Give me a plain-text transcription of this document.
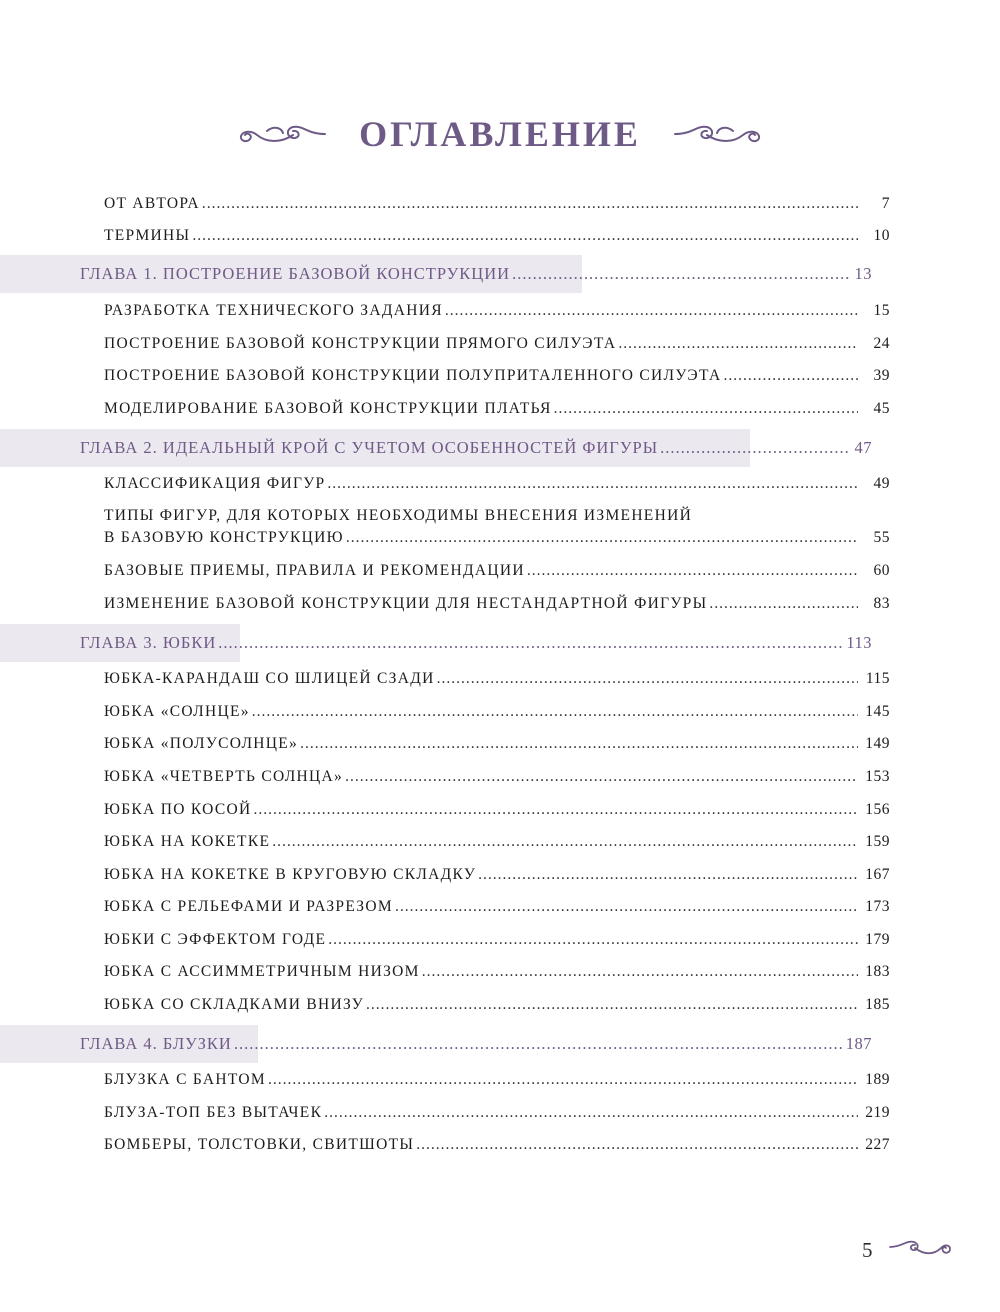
ОГЛАВЛЕНИЕ
ОТ АВТОРА .....	7
ТЕРМИНЫ .....	10
ГЛАВА 1. ПОСТРОЕНИЕ БАЗОВОЙ КОНСТРУКЦИИ .....	13
РАЗРАБОТКА ТЕХНИЧЕСКОГО ЗАДАНИЯ .....	15
ПОСТРОЕНИЕ БАЗОВОЙ КОНСТРУКЦИИ ПРЯМОГО СИЛУЭТА .....	24
ПОСТРОЕНИЕ БАЗОВОЙ КОНСТРУКЦИИ ПОЛУПРИТАЛЕННОГО СИЛУЭТА .....	39
МОДЕЛИРОВАНИЕ БАЗОВОЙ КОНСТРУКЦИИ ПЛАТЬЯ .....	45
ГЛАВА 2. ИДЕАЛЬНЫЙ КРОЙ С УЧЕТОМ ОСОБЕННОСТЕЙ ФИГУРЫ .....	47
КЛАССИФИКАЦИЯ ФИГУР .....	49
ТИПЫ ФИГУР, ДЛЯ КОТОРЫХ НЕОБХОДИМЫ ВНЕСЕНИЯ ИЗМЕНЕНИЙ
В БАЗОВУЮ КОНСТРУКЦИЮ .....	55
БАЗОВЫЕ ПРИЕМЫ, ПРАВИЛА И РЕКОМЕНДАЦИИ .....	60
ИЗМЕНЕНИЕ БАЗОВОЙ КОНСТРУКЦИИ ДЛЯ НЕСТАНДАРТНОЙ ФИГУРЫ .....	83
ГЛАВА 3. ЮБКИ .....	113
ЮБКА-КАРАНДАШ СО ШЛИЦЕЙ СЗАДИ .....	115
ЮБКА «СОЛНЦЕ» .....	145
ЮБКА «ПОЛУСОЛНЦЕ» .....	149
ЮБКА «ЧЕТВЕРТЬ СОЛНЦА» .....	153
ЮБКА ПО КОСОЙ .....	156
ЮБКА НА КОКЕТКЕ .....	159
ЮБКА НА КОКЕТКЕ В КРУГОВУЮ СКЛАДКУ .....	167
ЮБКА С РЕЛЬЕФАМИ И РАЗРЕЗОМ .....	173
ЮБКИ С ЭФФЕКТОМ ГОДЕ .....	179
ЮБКА С АССИММЕТРИЧНЫМ НИЗОМ .....	183
ЮБКА СО СКЛАДКАМИ ВНИЗУ .....	185
ГЛАВА 4. БЛУЗКИ .....	187
БЛУЗКА С БАНТОМ .....	189
БЛУЗА-ТОП БЕЗ ВЫТАЧЕК .....	219
БОМБЕРЫ, ТОЛСТОВКИ, СВИТШОТЫ .....	227
5
